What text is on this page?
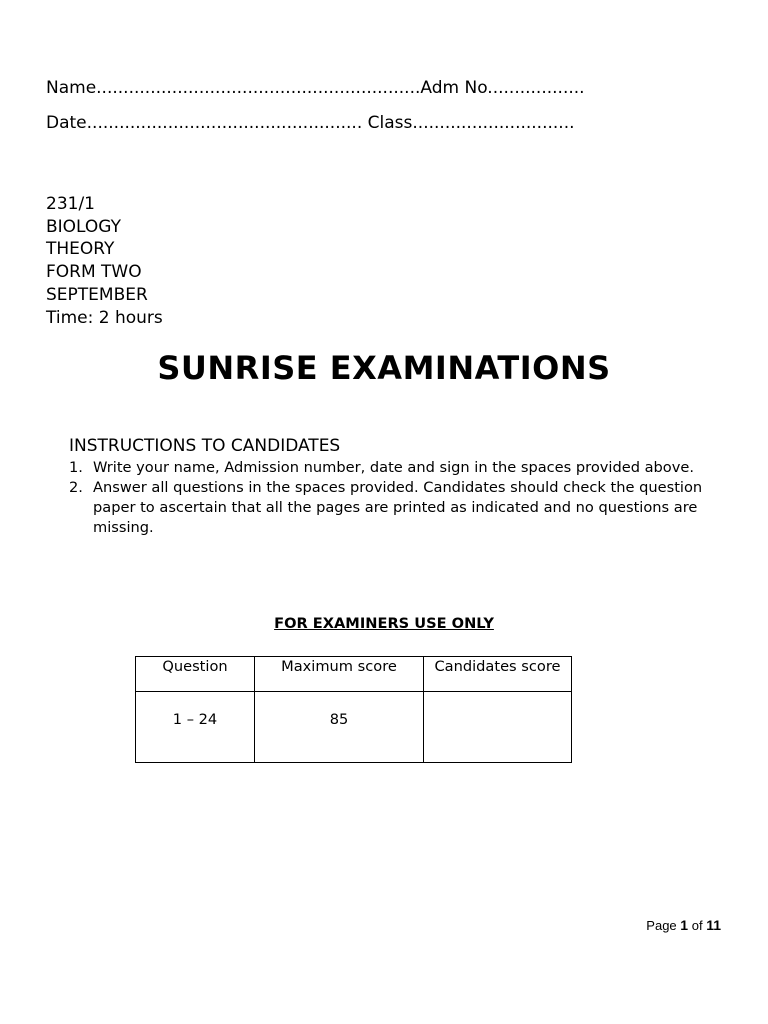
Name............................................................Adm No..................
Date................................................... Class..............................
231/1
BIOLOGY
THEORY
FORM TWO
SEPTEMBER
Time: 2 hours
SUNRISE EXAMINATIONS
INSTRUCTIONS TO CANDIDATES
1. Write your name, Admission number, date and sign in the spaces provided above.
2. Answer all questions in the spaces provided. Candidates should check the question paper to ascertain that all the pages are printed as indicated and no questions are missing.
FOR EXAMINERS USE ONLY
Question	Maximum score	Candidates score
1 – 24	85	
Page 1 of 11
